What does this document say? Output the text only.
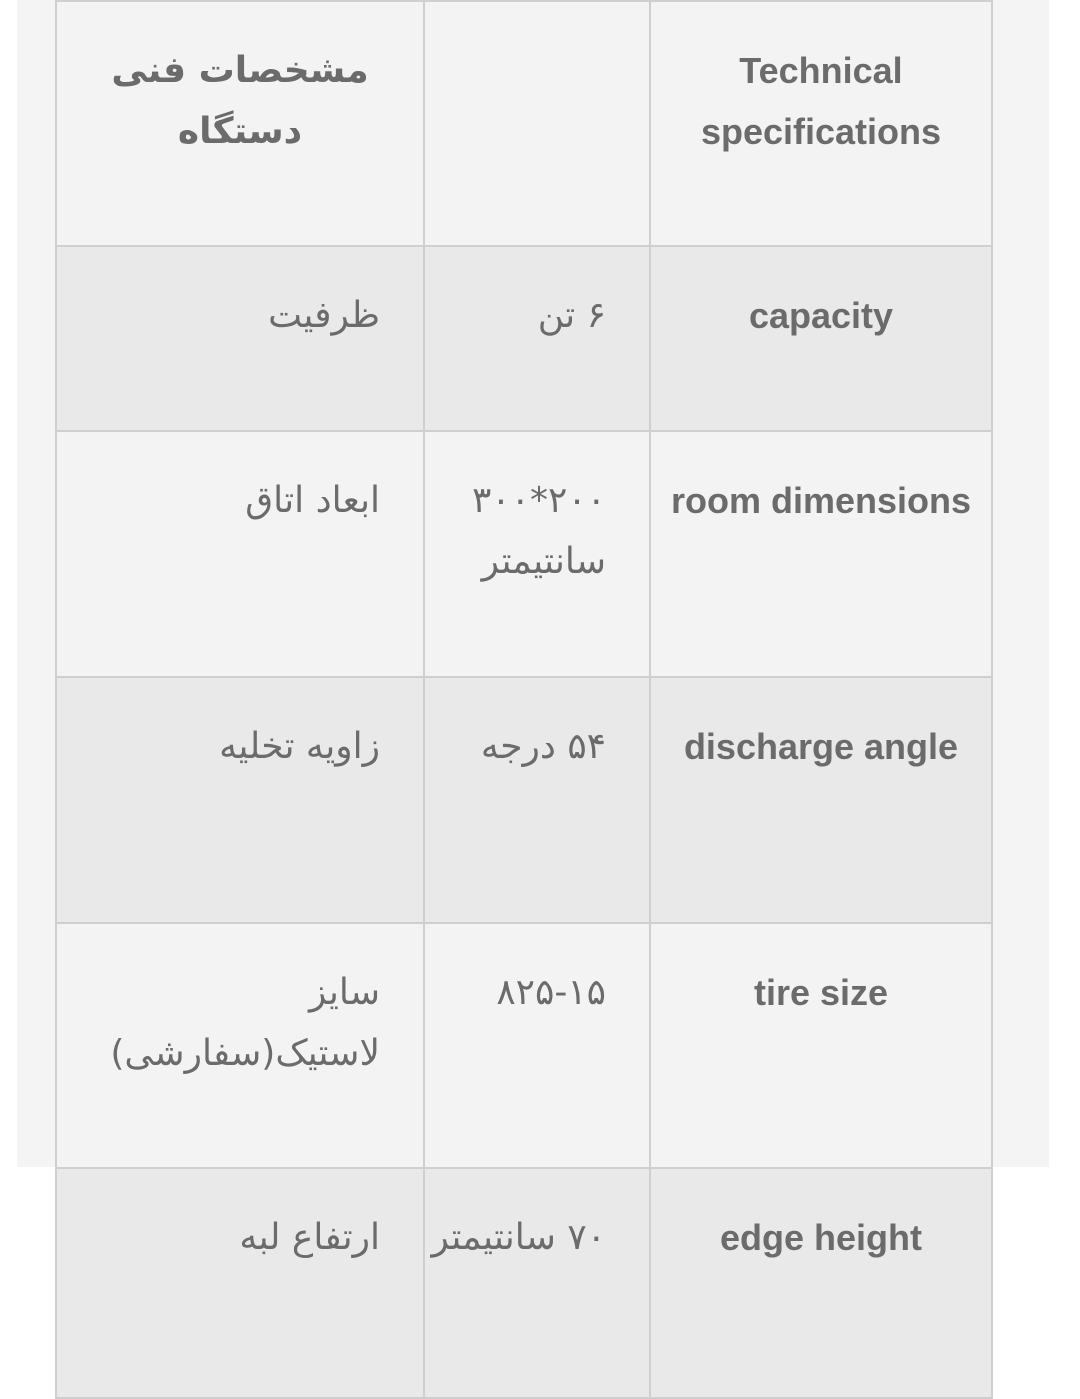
مشخصات فنی دستگاه		Technical specifications
ظرفیت	۶ تن	capacity
ابعاد اتاق	۲۰۰*۳۰۰ سانتیمتر	room dimensions
زاویه تخلیه	۵۴ درجه	discharge angle
سایز لاستیک(سفارشی)	۸۲۵-۱۵	tire size
ارتفاع لبه	۷۰ سانتیمتر	edge height
